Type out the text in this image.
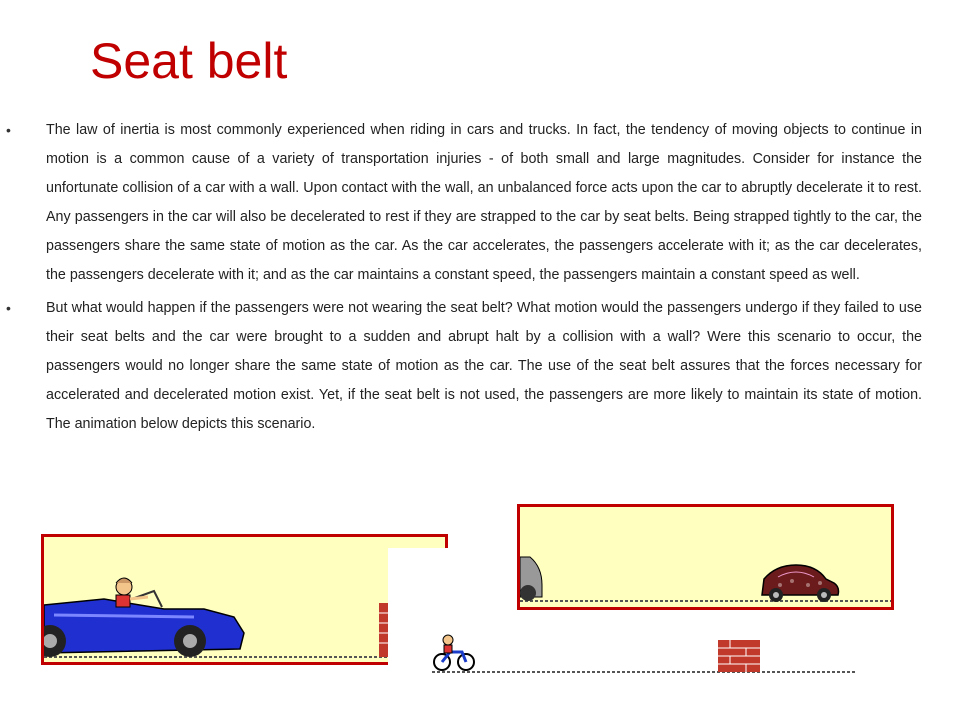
Seat belt
• The law of inertia is most commonly experienced when riding in cars and trucks. In fact, the tendency of moving objects to continue in motion is a common cause of a variety of transportation injuries - of both small and large magnitudes. Consider for instance the unfortunate collision of a car with a wall. Upon contact with the wall, an unbalanced force acts upon the car to abruptly decelerate it to rest. Any passengers in the car will also be decelerated to rest if they are strapped to the car by seat belts. Being strapped tightly to the car, the passengers share the same state of motion as the car. As the car accelerates, the passengers accelerate with it; as the car decelerates, the passengers decelerate with it; and as the car maintains a constant speed, the passengers maintain a constant speed as well.
• But what would happen if the passengers were not wearing the seat belt? What motion would the passengers undergo if they failed to use their seat belts and the car were brought to a sudden and abrupt halt by a collision with a wall? Were this scenario to occur, the passengers would no longer share the same state of motion as the car. The use of the seat belt assures that the forces necessary for accelerated and decelerated motion exist. Yet, if the seat belt is not used, the passengers are more likely to maintain its state of motion. The animation below depicts this scenario.
